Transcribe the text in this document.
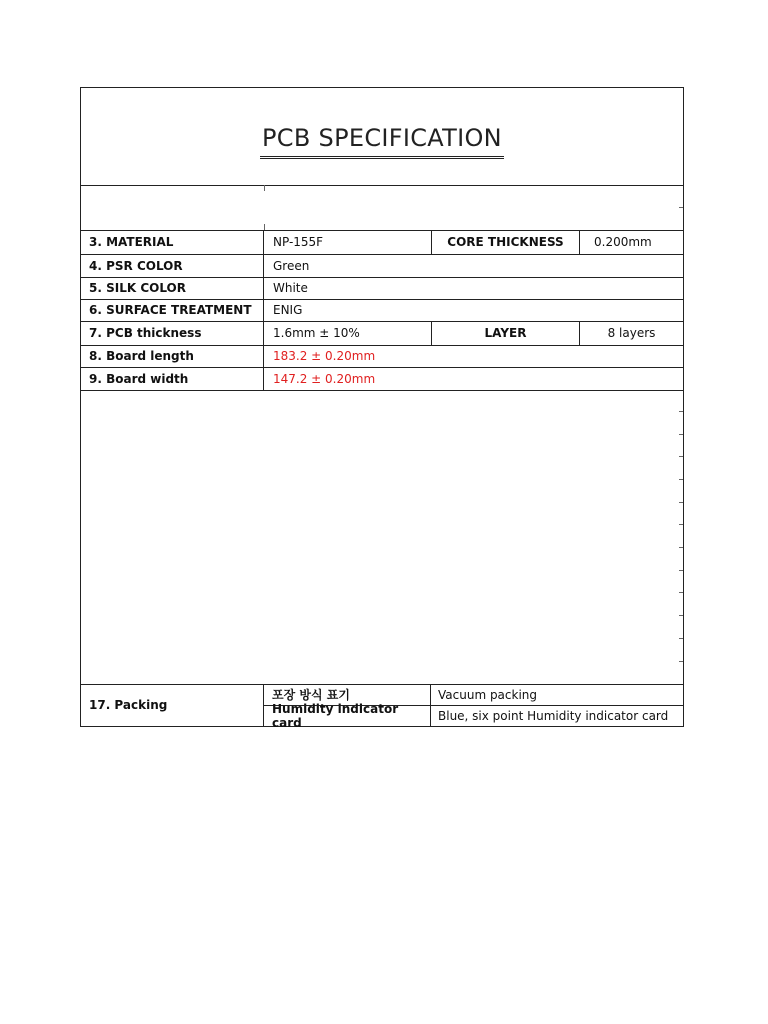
PCB SPECIFICATION
3. MATERIAL	NP-155F	CORE THICKNESS	0.200mm
4. PSR COLOR	Green
5. SILK COLOR	White
6. SURFACE TREATMENT	ENIG
7. PCB thickness	1.6mm ± 10%	LAYER	8 layers
8. Board length	183.2 ± 0.20mm
9. Board width	147.2 ± 0.20mm
17. Packing
포장 방식 표기	Vacuum packing
Humidity indicator card	Blue, six point Humidity indicator card
